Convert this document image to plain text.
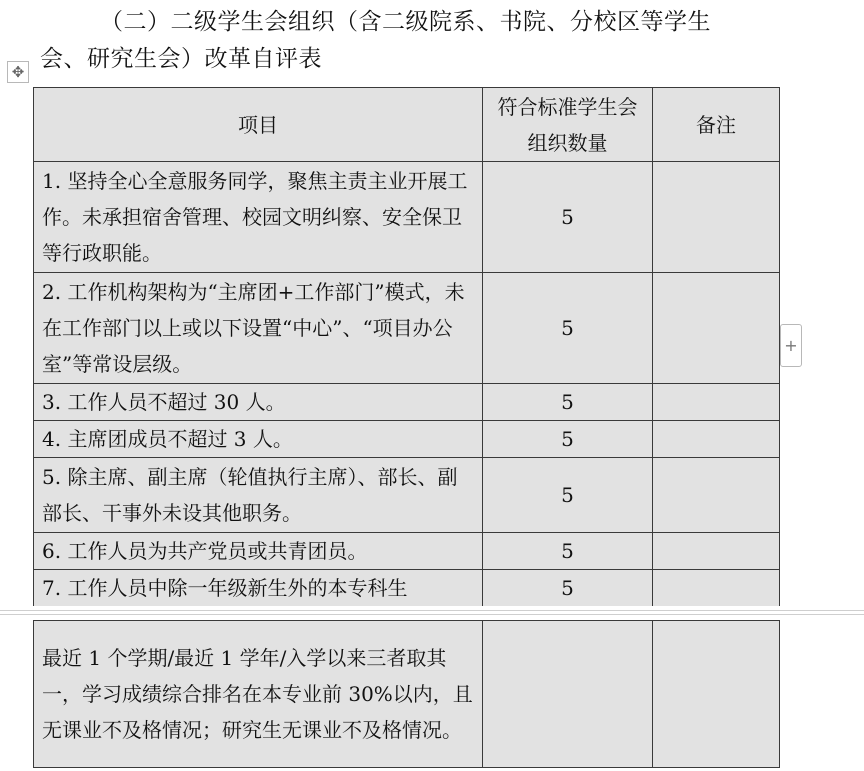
（二）二级学生会组织（含二级院系、书院、分校区等学生
会、研究生会）改革自评表
✥
项目	符合标准学生会组织数量	备注
1. 坚持全心全意服务同学，聚焦主责主业开展工作。未承担宿舍管理、校园文明纠察、安全保卫等行政职能。	5	
2. 工作机构架构为“主席团+工作部门”模式，未在工作部门以上或以下设置“中心”、“项目办公室”等常设层级。	5	
3. 工作人员不超过 30 人。	5	
4. 主席团成员不超过 3 人。	5	
5. 除主席、副主席（轮值执行主席）、部长、副部长、干事外未设其他职务。	5	
6. 工作人员为共产党员或共青团员。	5	
7. 工作人员中除一年级新生外的本专科生	5	
最近 1 个学期/最近 1 学年/入学以来三者取其一，学习成绩综合排名在本专业前 30%以内，且无课业不及格情况；研究生无课业不及格情况。		
+
